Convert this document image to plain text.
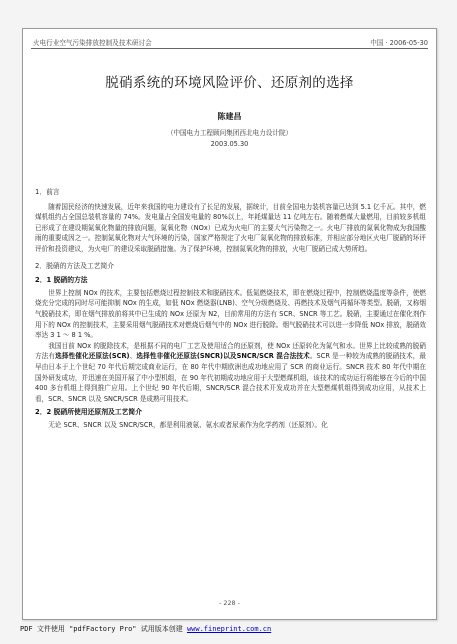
火电行业空气污染排放控制及技术研讨会	中国 · 2006-05-30
脱硝系统的环境风险评价、还原剂的选择
陈建昌
（中国电力工程顾问集团西北电力设计院）
2003.05.30

1．前言

随着国民经济的快速发展，近年来我国的电力建设有了长足的发展，据统计，目前全国电力装机容量已达到 5.1 亿千瓦。其中，燃煤机组约占全国总装机容量的 74%。发电量占全国发电量的 80%以上，年耗煤量达 11 亿吨左右。随着燃煤大量燃用，目前较多机组已形成了在建设期氮氧化物量的排放问题，氮氧化物（NOx）已成为火电厂的主要大气污染物之一。火电厂排放的氮氧化物成为我国酸雨的重要成因之一。控制氮氧化物对大气环境的污染，国家严格规定了火电厂氮氧化物的排放标准，并相应部分地区火电厂脱硝的环评评价和投资建议，为火电厂的建设采取脱硝措施。为了保护环境，控制氮氧化物的排放，火电厂脱硝已成大势所趋。

2．脱硝的方法及工艺简介

2．1 脱硝的方法

世界上控制 NOx 的技术，主要包括燃烧过程控制技术和脱硝技术。低氮燃烧技术，即在燃烧过程中，控制燃烧温度等条件，使燃烧充分完成的同时尽可能抑制 NOx 的生成，如低 NOx 燃烧器(LNB)、空气分级燃烧及、再燃技术及烟气再循环等类型。脱硝，又称烟气脱硝技术，即在烟气排放前将其中已生成的 NOx 还原为 N2，目前常用的方法有 SCR、SNCR 等工艺。脱硝，主要通过在催化剂作用下的 NOx 的控制技术，主要采用烟气脱硝技术对燃烧后烟气中的 NOx 进行脱除。烟气脱硝技术可以进一步降低 NOx 排放，脱硝效率达 3 1 ～ 8 1 %。

我国目前 NOx 的脱除技术，是根据不同的电厂工艺及使用适合的还原剂，使 NOx 还原转化为氮气和水。世界上比较成熟的脱硝方法有选择性催化还原法(SCR)、选择性非催化还原法(SNCR)以及SNCR/SCR 混合法技术。SCR 是一种较为成熟的脱硝技术，最早由日本于上个世纪 70 年代后期完成商业运行，在 80 年代中期欧洲也成功地应用了 SCR 的商业运行。SNCR 技术 80 年代中期在国外研发成功，并迅速在美国开展了中小型机组，在 90 年代初期成功地应用于大型燃煤机组，该技术的成功运行将能够在今后的中国 400 多台机组上得到推广应用。上个世纪 90 年代后期，SNCR/SCR 混合技术开发成功并在大型燃煤机组得到成功应用，从技术上看，SCR、SNCR 以及 SNCR/SCR 是成熟可用技术。

2．2 脱硝所使用还原剂及工艺简介

无论 SCR、SNCR 以及 SNCR/SCR，都是利用液氨、氨水或者尿素作为化学药剂（还原剂）。化

- 228 -
PDF 文件使用 "pdfFactory Pro" 试用版本创建 www.fineprint.com.cn
